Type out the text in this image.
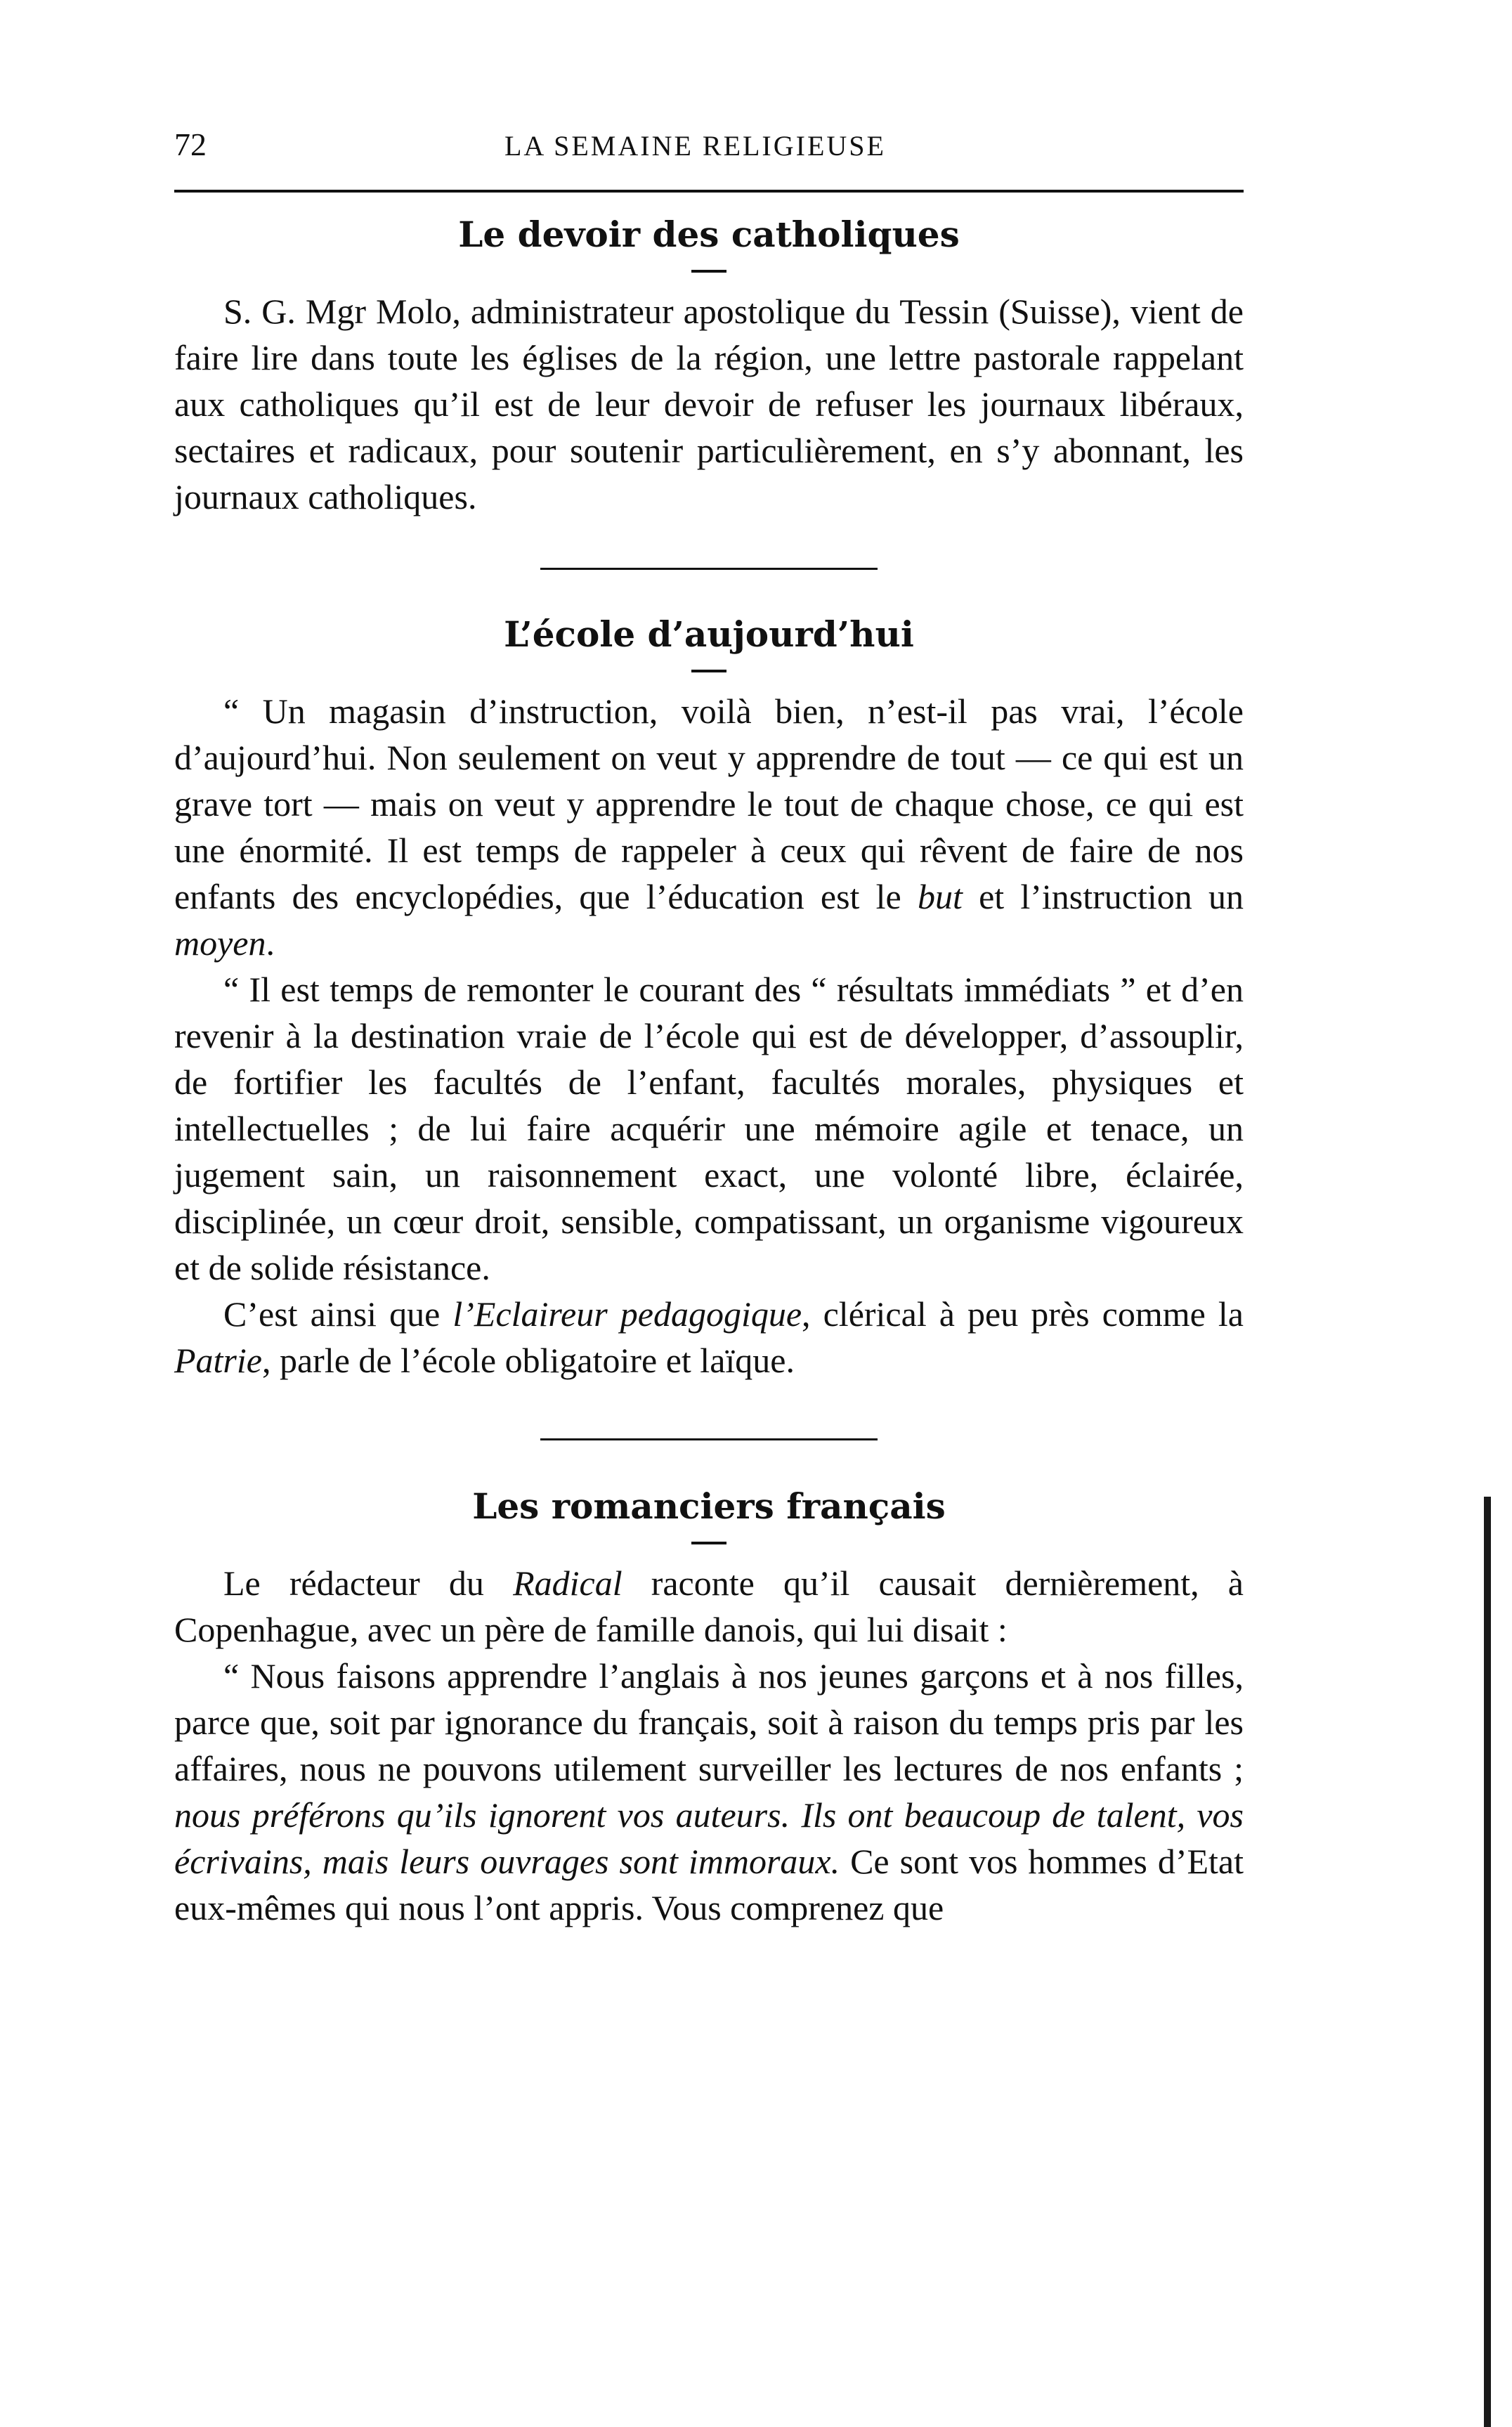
72	LA SEMAINE RELIGIEUSE
Le devoir des catholiques

S. G. Mgr Molo, administrateur apostolique du Tessin (Suisse), vient de faire lire dans toute les églises de la région, une lettre pastorale rappelant aux catholiques qu’il est de leur devoir de refuser les journaux libéraux, sectaires et radicaux, pour soutenir particulièrement, en s’y abonnant, les journaux catholiques.

L’école d’aujourd’hui

“ Un magasin d’instruction, voilà bien, n’est-il pas vrai, l’école d’aujourd’hui. Non seulement on veut y apprendre de tout — ce qui est un grave tort — mais on veut y apprendre le tout de chaque chose, ce qui est une énormité. Il est temps de rappeler à ceux qui rêvent de faire de nos enfants des encyclopédies, que l’éducation est le but et l’instruction un moyen.

“ Il est temps de remonter le courant des “ résultats immédiats ” et d’en revenir à la destination vraie de l’école qui est de développer, d’assouplir, de fortifier les facultés de l’enfant, facultés morales, physiques et intellectuelles ; de lui faire acquérir une mémoire agile et tenace, un jugement sain, un raisonnement exact, une volonté libre, éclairée, disciplinée, un cœur droit, sensible, compatissant, un organisme vigoureux et de solide résistance.

C’est ainsi que l’Eclaireur pedagogique, clérical à peu près comme la Patrie, parle de l’école obligatoire et laïque.

Les romanciers français

Le rédacteur du Radical raconte qu’il causait dernièrement, à Copenhague, avec un père de famille danois, qui lui disait :

“ Nous faisons apprendre l’anglais à nos jeunes garçons et à nos filles, parce que, soit par ignorance du français, soit à raison du temps pris par les affaires, nous ne pouvons utilement surveiller les lectures de nos enfants ; nous préférons qu’ils ignorent vos auteurs. Ils ont beaucoup de talent, vos écrivains, mais leurs ouvrages sont immoraux. Ce sont vos hommes d’Etat eux-mêmes qui nous l’ont appris. Vous comprenez que
